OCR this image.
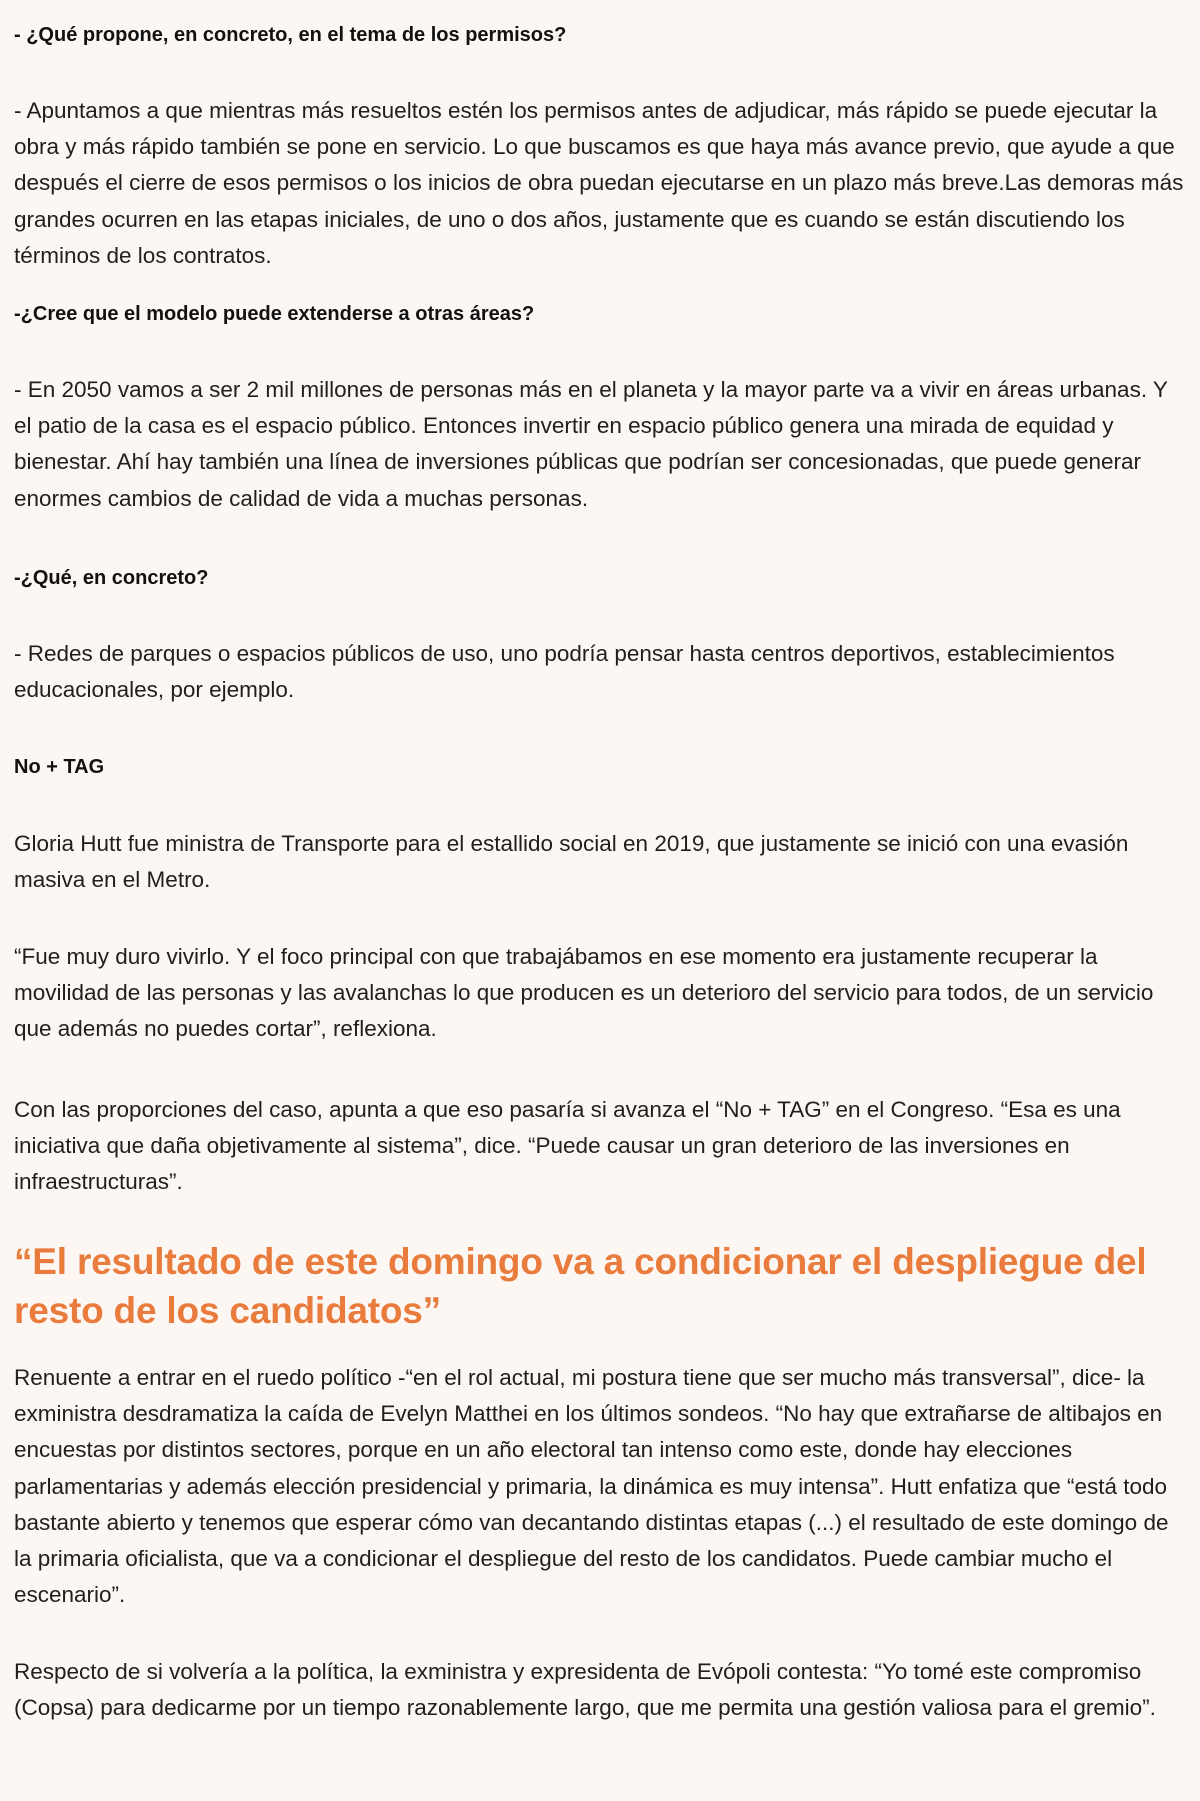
- ¿Qué propone, en concreto, en el tema de los permisos?

- Apuntamos a que mientras más resueltos estén los permisos antes de adjudicar, más rápido se puede ejecutar la obra y más rápido también se pone en servicio. Lo que buscamos es que haya más avance previo, que ayude a que después el cierre de esos permisos o los inicios de obra puedan ejecutarse en un plazo más breve.Las demoras más grandes ocurren en las etapas iniciales, de uno o dos años, justamente que es cuando se están discutiendo los términos de los contratos.

-¿Cree que el modelo puede extenderse a otras áreas?

- En 2050 vamos a ser 2 mil millones de personas más en el planeta y la mayor parte va a vivir en áreas urbanas. Y el patio de la casa es el espacio público. Entonces invertir en espacio público genera una mirada de equidad y bienestar. Ahí hay también una línea de inversiones públicas que podrían ser concesionadas, que puede generar enormes cambios de calidad de vida a muchas personas.

-¿Qué, en concreto?

- Redes de parques o espacios públicos de uso, uno podría pensar hasta centros deportivos, establecimientos educacionales, por ejemplo.

No + TAG

Gloria Hutt fue ministra de Transporte para el estallido social en 2019, que justamente se inició con una evasión masiva en el Metro.

“Fue muy duro vivirlo. Y el foco principal con que trabajábamos en ese momento era justamente recuperar la movilidad de las personas y las avalanchas lo que producen es un deterioro del servicio para todos, de un servicio que además no puedes cortar”, reflexiona.

Con las proporciones del caso, apunta a que eso pasaría si avanza el “No + TAG” en el Congreso. “Esa es una iniciativa que daña objetivamente al sistema”, dice. “Puede causar un gran deterioro de las inversiones en infraestructuras”.

“El resultado de este domingo va a condicionar el despliegue del resto de los candidatos”

Renuente a entrar en el ruedo político -“en el rol actual, mi postura tiene que ser mucho más transversal”, dice- la exministra desdramatiza la caída de Evelyn Matthei en los últimos sondeos. “No hay que extrañarse de altibajos en encuestas por distintos sectores, porque en un año electoral tan intenso como este, donde hay elecciones parlamentarias y además elección presidencial y primaria, la dinámica es muy intensa”. Hutt enfatiza que “está todo bastante abierto y tenemos que esperar cómo van decantando distintas etapas (...) el resultado de este domingo de la primaria oficialista, que va a condicionar el despliegue del resto de los candidatos. Puede cambiar mucho el escenario”.

Respecto de si volvería a la política, la exministra y expresidenta de Evópoli contesta: “Yo tomé este compromiso (Copsa) para dedicarme por un tiempo razonablemente largo, que me permita una gestión valiosa para el gremio”.
